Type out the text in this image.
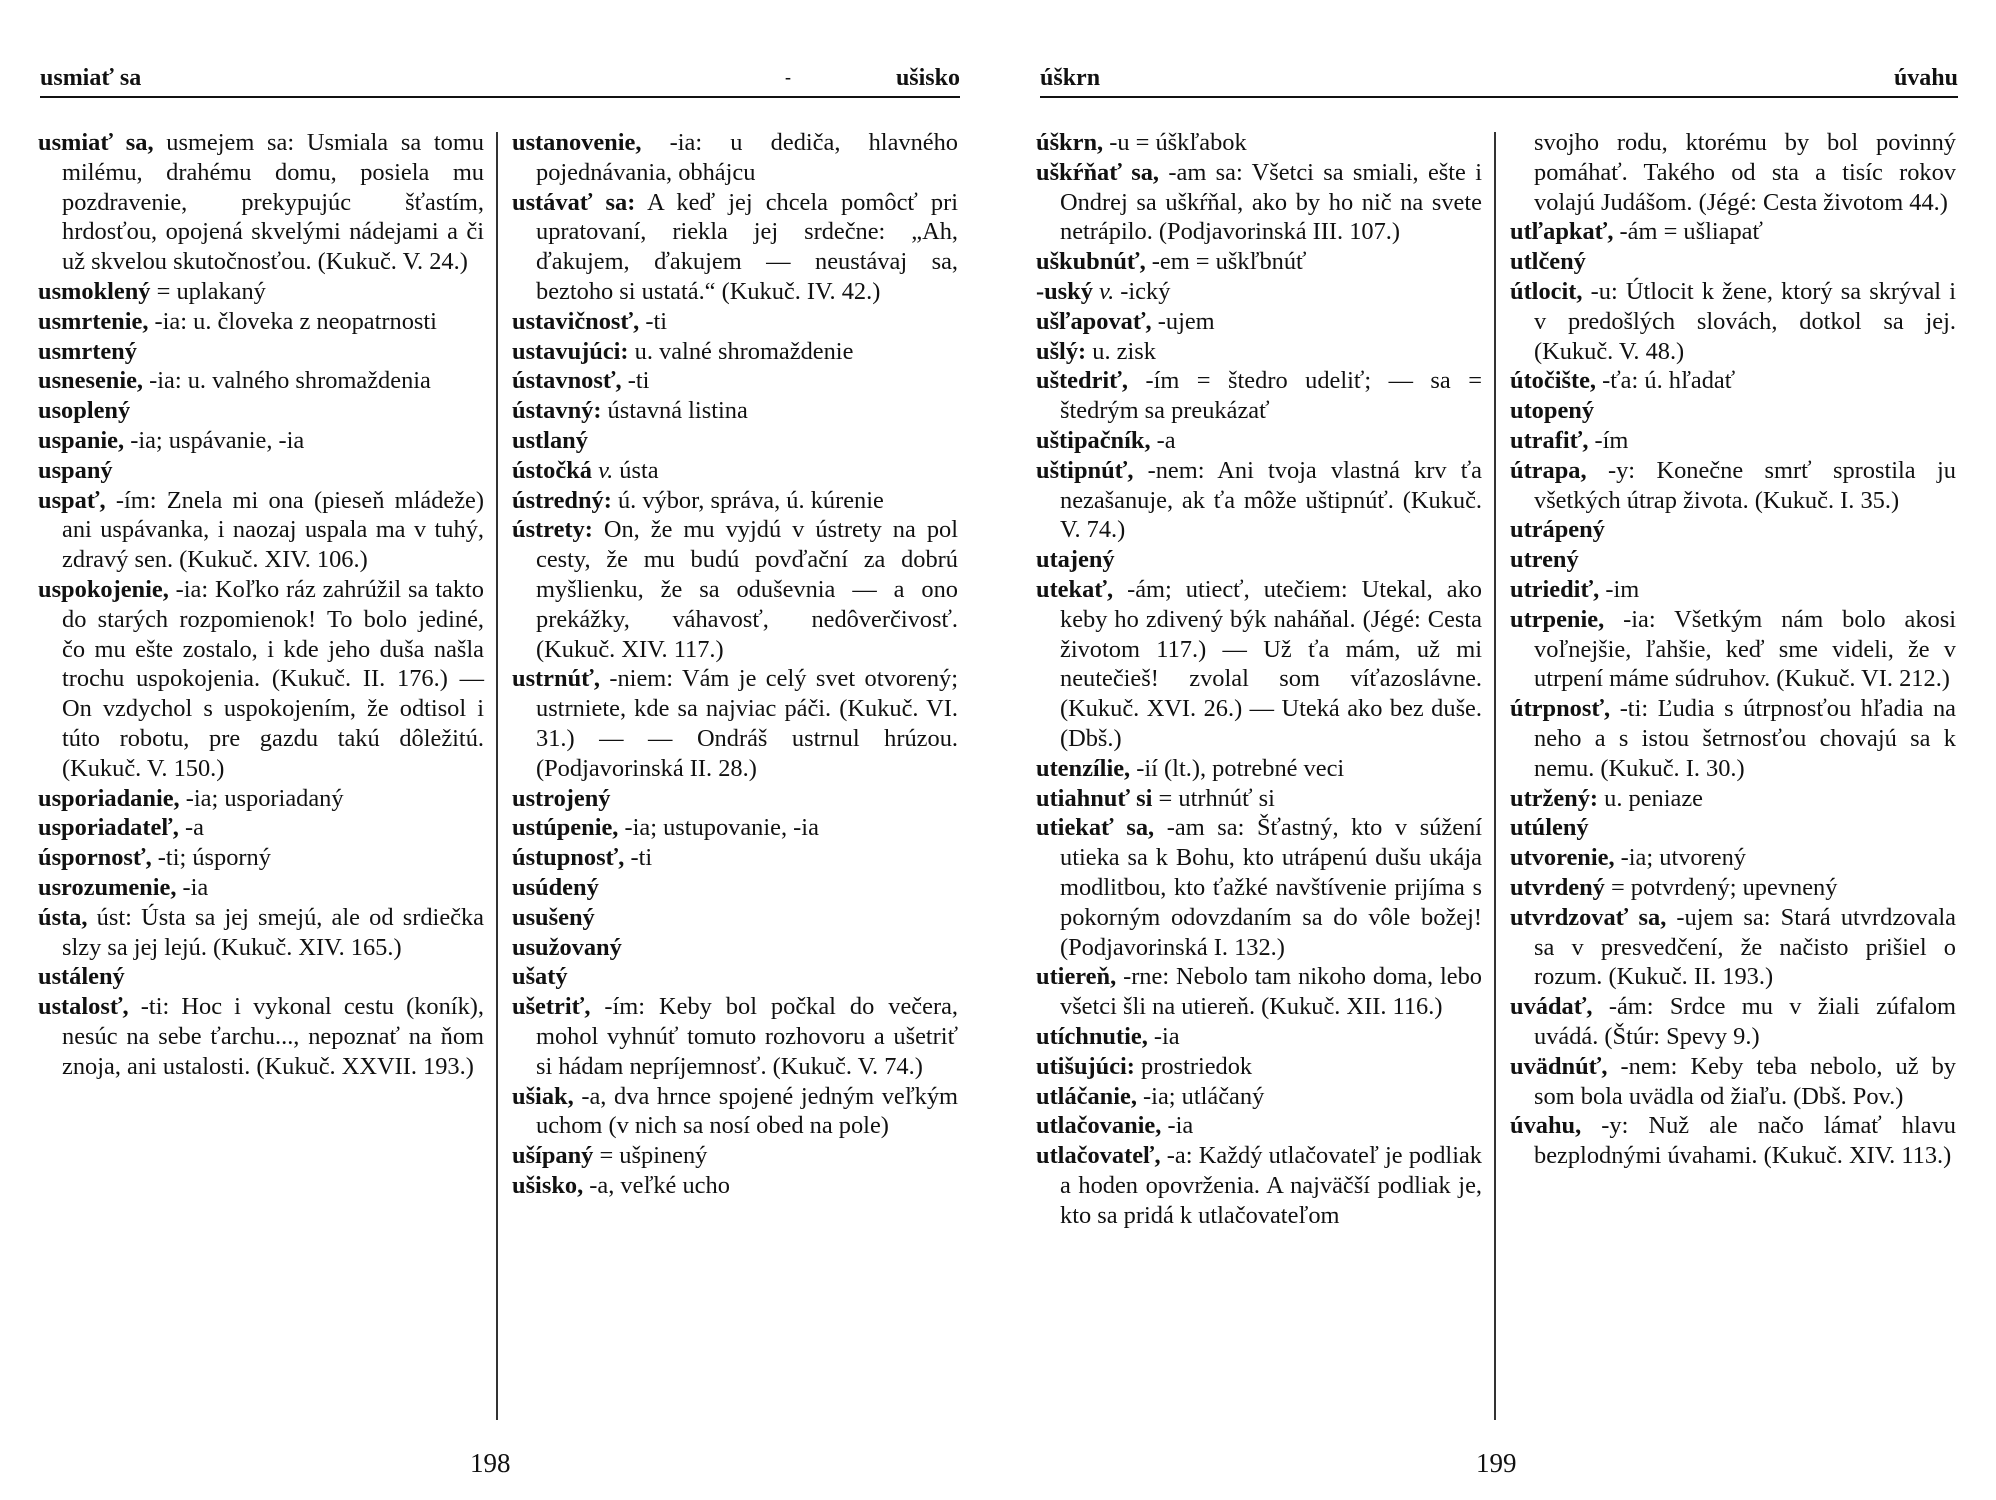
usmiať sa	-	ušisko

usmiať sa, usmejem sa: Usmiala sa tomu milému, drahému domu, posiela mu pozdravenie, prekypujúc šťastím, hrdosťou, opojená skvelými nádejami a či už skvelou skutočnosťou. (Kukuč. V. 24.)

usmoklený = uplakaný

usmrtenie, -ia: u. človeka z neopatrnosti

usmrtený

usnesenie, -ia: u. valného shromaždenia

usoplený

uspanie, -ia; uspávanie, -ia

uspaný

uspať, -ím: Znela mi ona (pieseň mládeže) ani uspávanka, i naozaj uspala ma v tuhý, zdravý sen. (Kukuč. XIV. 106.)

uspokojenie, -ia: Koľko ráz zahrúžil sa takto do starých rozpomienok! To bolo jediné, čo mu ešte zostalo, i kde jeho duša našla trochu uspokojenia. (Kukuč. II. 176.) — On vzdychol s uspokojením, že odtisol i túto robotu, pre gazdu takú dôležitú. (Kukuč. V. 150.)

usporiadanie, -ia; usporiadaný

usporiadateľ, -a

úspornosť, -ti; úsporný

usrozumenie, -ia

ústa, úst: Ústa sa jej smejú, ale od srdiečka slzy sa jej lejú. (Kukuč. XIV. 165.)

ustálený

ustalosť, -ti: Hoc i vykonal cestu (koník), nesúc na sebe ťarchu..., nepoznať na ňom znoja, ani ustalosti. (Kukuč. XXVII. 193.)

ustanovenie, -ia: u dediča, hlavného pojednávania, obhájcu

ustávať sa: A keď jej chcela pomôcť pri upratovaní, riekla jej srdečne: „Ah, ďakujem, ďakujem — neustávaj sa, beztoho si ustatá.“ (Kukuč. IV. 42.)

ustavičnosť, -ti

ustavujúci: u. valné shromaždenie

ústavnosť, -ti

ústavný: ústavná listina

ustlaný

ústočká v. ústa

ústredný: ú. výbor, správa, ú. kúrenie

ústrety: On, že mu vyjdú v ústrety na pol cesty, že mu budú povďační za dobrú myšlienku, že sa oduševnia — a ono prekážky, váhavosť, nedôverčivosť. (Kukuč. XIV. 117.)

ustrnúť, -niem: Vám je celý svet otvorený; ustrniete, kde sa najviac páči. (Kukuč. VI. 31.) — — Ondráš ustrnul hrúzou. (Podjavorinská II. 28.)

ustrojený

ustúpenie, -ia; ustupovanie, -ia

ústupnosť, -ti

usúdený

usušený

usužovaný

ušatý

ušetriť, -ím: Keby bol počkal do večera, mohol vyhnúť tomuto rozhovoru a ušetriť si hádam nepríjemnosť. (Kukuč. V. 74.)

ušiak, -a, dva hrnce spojené jedným veľkým uchom (v nich sa nosí obed na pole)

ušípaný = ušpinený

ušisko, -a, veľké ucho

198
úškrn	úvahu

úškrn, -u = úškľabok

uškŕňať sa, -am sa: Všetci sa smiali, ešte i Ondrej sa uškŕňal, ako by ho nič na svete netrápilo. (Podjavorinská III. 107.)

uškubnúť, -em = uškľbnúť

-uský v. -ický

ušľapovať, -ujem

ušlý: u. zisk

uštedriť, -ím = štedro udeliť; — sa = štedrým sa preukázať

uštipačník, -a

uštipnúť, -nem: Ani tvoja vlastná krv ťa nezašanuje, ak ťa môže uštipnúť. (Kukuč. V. 74.)

utajený

utekať, -ám; utiecť, utečiem: Utekal, ako keby ho zdivený býk naháňal. (Jégé: Cesta životom 117.) — Už ťa mám, už mi neutečieš! zvolal som víťazoslávne. (Kukuč. XVI. 26.) — Uteká ako bez duše. (Dbš.)

utenzílie, -ií (lt.), potrebné veci

utiahnuť si = utrhnúť si

utiekať sa, -am sa: Šťastný, kto v súžení utieka sa k Bohu, kto utrápenú dušu ukája modlitbou, kto ťažké navštívenie prijíma s pokorným odovzdaním sa do vôle božej! (Podjavorinská I. 132.)

utiereň, -rne: Nebolo tam nikoho doma, lebo všetci šli na utiereň. (Kukuč. XII. 116.)

utíchnutie, -ia

utišujúci: prostriedok

utláčanie, -ia; utláčaný

utlačovanie, -ia

utlačovateľ, -a: Každý utlačovateľ je podliak a hoden opovrženia. A najväčší podliak je, kto sa pridá k utlačovateľom

svojho rodu, ktorému by bol povinný pomáhať. Takého od sta a tisíc rokov volajú Judášom. (Jégé: Cesta životom 44.)

utľapkať, -ám = ušliapať

utlčený

útlocit, -u: Útlocit k žene, ktorý sa skrýval i v predošlých slovách, dotkol sa jej. (Kukuč. V. 48.)

útočište, -ťa: ú. hľadať

utopený

utrafiť, -ím

útrapa, -y: Konečne smrť sprostila ju všetkých útrap života. (Kukuč. I. 35.)

utrápený

utrený

utriediť, -im

utrpenie, -ia: Všetkým nám bolo akosi voľnejšie, ľahšie, keď sme videli, že v utrpení máme súdruhov. (Kukuč. VI. 212.)

útrpnosť, -ti: Ľudia s útrpnosťou hľadia na neho a s istou šetrnosťou chovajú sa k nemu. (Kukuč. I. 30.)

utržený: u. peniaze

utúlený

utvorenie, -ia; utvorený

utvrdený = potvrdený; upevnený

utvrdzovať sa, -ujem sa: Stará utvrdzovala sa v presvedčení, že načisto prišiel o rozum. (Kukuč. II. 193.)

uvádať, -ám: Srdce mu v žiali zúfalom uvádá. (Štúr: Spevy 9.)

uvädnúť, -nem: Keby teba nebolo, už by som bola uvädla od žiaľu. (Dbš. Pov.)

úvahu, -y: Nuž ale načo lámať hlavu bezplodnými úvahami. (Kukuč. XIV. 113.)

199
